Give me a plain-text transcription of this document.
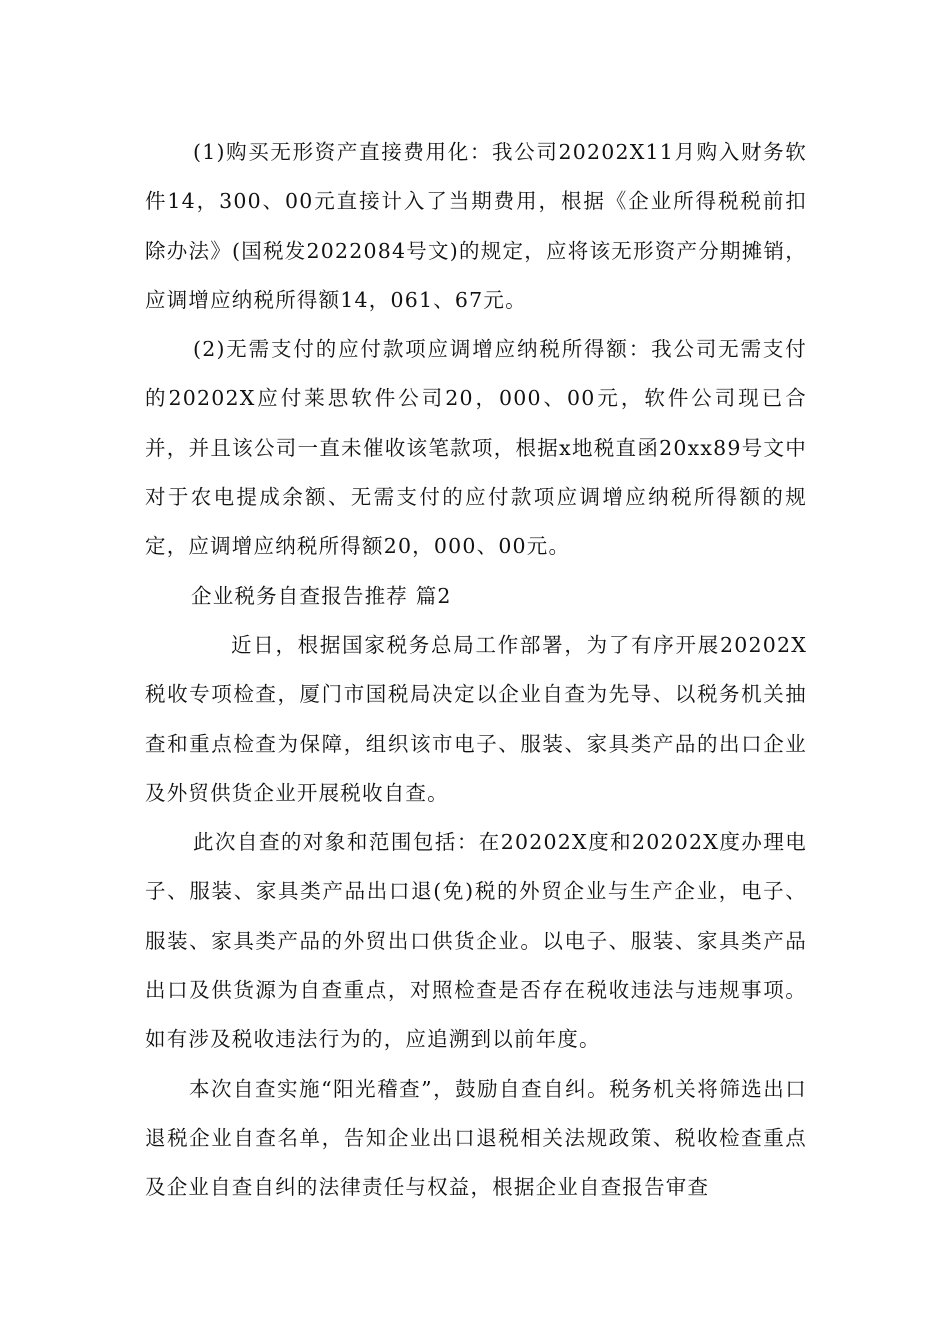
(1)购买无形资产直接费用化：我公司20202X11月购入财务软件14，300、00元直接计入了当期费用，根据《企业所得税税前扣除办法》(国税发2022084号文)的规定，应将该无形资产分期摊销，应调增应纳税所得额14，061、67元。

(2)无需支付的应付款项应调增应纳税所得额：我公司无需支付的20202X应付莱思软件公司20，000、00元，软件公司现已合并，并且该公司一直未催收该笔款项，根据x地税直函20xx89号文中对于农电提成余额、无需支付的应付款项应调增应纳税所得额的规定，应调增应纳税所得额20，000、00元。

企业税务自查报告推荐 篇2

近日，根据国家税务总局工作部署，为了有序开展20202X税收专项检查，厦门市国税局决定以企业自查为先导、以税务机关抽查和重点检查为保障，组织该市电子、服装、家具类产品的出口企业及外贸供货企业开展税收自查。

此次自查的对象和范围包括：在20202X度和20202X度办理电子、服装、家具类产品出口退(免)税的外贸企业与生产企业，电子、服装、家具类产品的外贸出口供货企业。以电子、服装、家具类产品出口及供货源为自查重点，对照检查是否存在税收违法与违规事项。如有涉及税收违法行为的，应追溯到以前年度。

本次自查实施“阳光稽查”，鼓励自查自纠。税务机关将筛选出口退税企业自查名单，告知企业出口退税相关法规政策、税收检查重点及企业自查自纠的法律责任与权益，根据企业自查报告审查
